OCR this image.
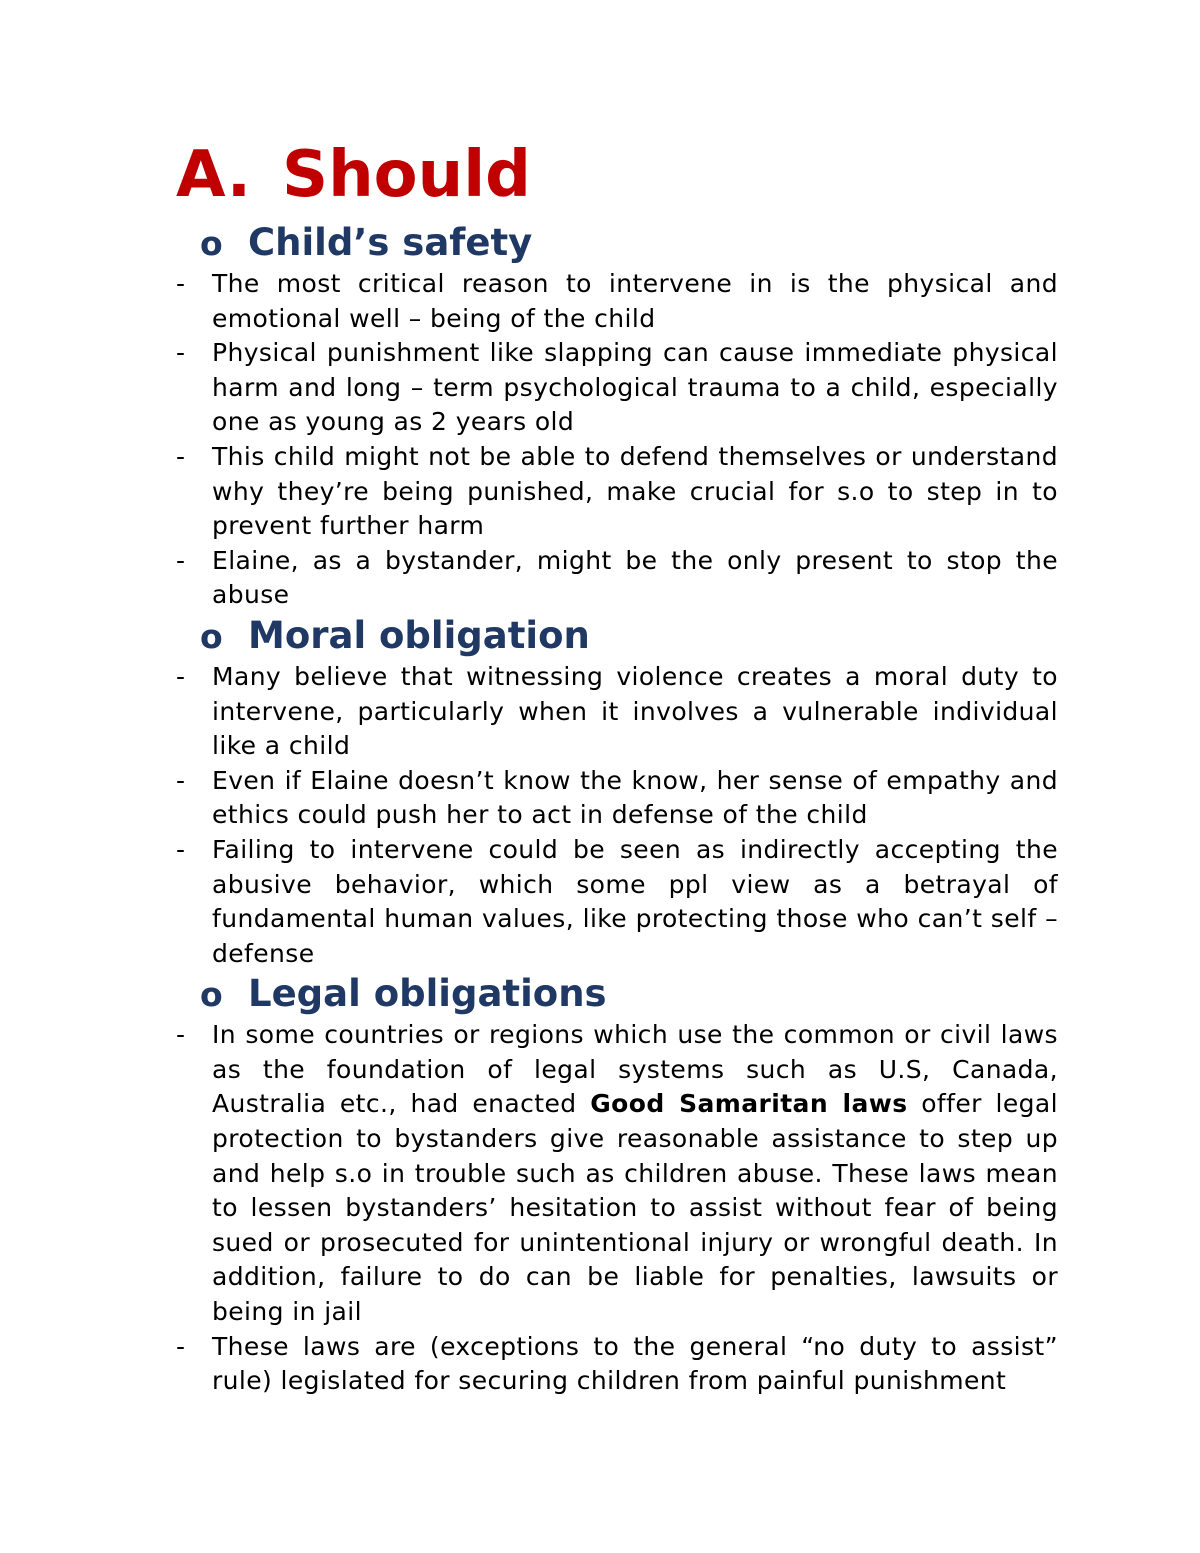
A. Should
o Child’s safety
- The most critical reason to intervene in is the physical and emotional well – being of the child
- Physical punishment like slapping can cause immediate physical harm and long – term psychological trauma to a child, especially one as young as 2 years old
- This child might not be able to defend themselves or understand why they’re being punished, make crucial for s.o to step in to prevent further harm
- Elaine, as a bystander, might be the only present to stop the abuse
o Moral obligation
- Many believe that witnessing violence creates a moral duty to intervene, particularly when it involves a vulnerable individual like a child
- Even if Elaine doesn’t know the know, her sense of empathy and ethics could push her to act in defense of the child
- Failing to intervene could be seen as indirectly accepting the abusive behavior, which some ppl view as a betrayal of fundamental human values, like protecting those who can’t self – defense
o Legal obligations
- In some countries or regions which use the common or civil laws as the foundation of legal systems such as U.S, Canada, Australia etc., had enacted Good Samaritan laws offer legal protection to bystanders give reasonable assistance to step up and help s.o in trouble such as children abuse. These laws mean to lessen bystanders’ hesitation to assist without fear of being sued or prosecuted for unintentional injury or wrongful death. In addition, failure to do can be liable for penalties, lawsuits or being in jail
- These laws are (exceptions to the general “no duty to assist” rule) legislated for securing children from painful punishment
